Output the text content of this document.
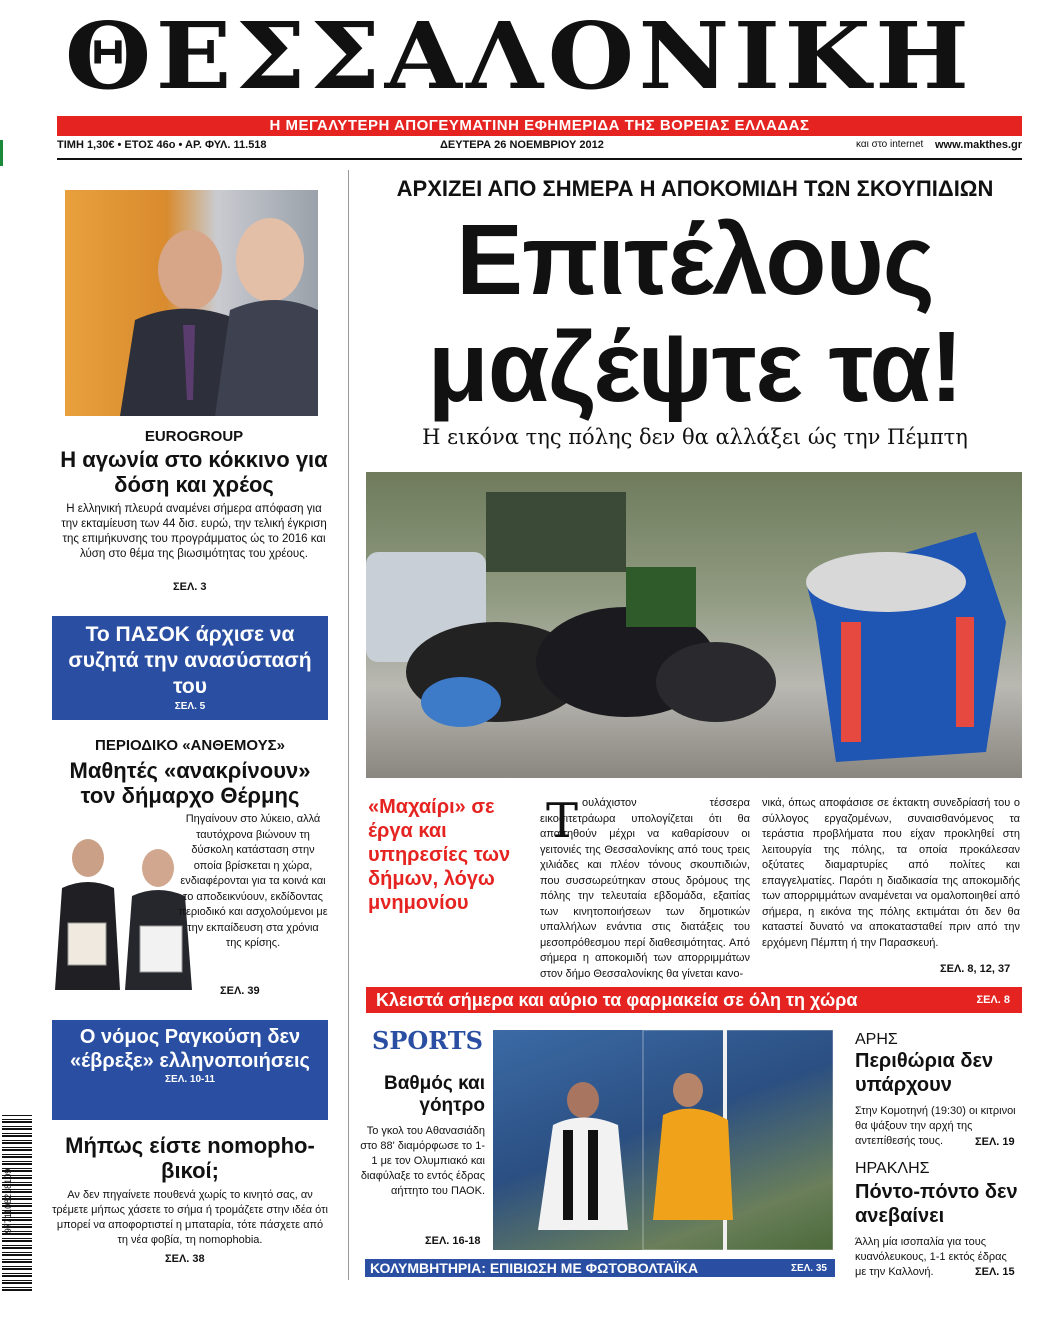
ΘΕΣΣΑΛΟΝΙΚΗ
Η ΜΕΓΑΛΥΤΕΡΗ ΑΠΟΓΕΥΜΑΤΙΝΗ ΕΦΗΜΕΡΙΔΑ ΤΗΣ ΒΟΡΕΙΑΣ ΕΛΛΑΔΑΣ
ΤΙΜΗ 1,30€ • ΕΤΟΣ 46ο • ΑΡ. ΦΥΛ. 11.518	ΔΕΥΤΕΡΑ 26 ΝΟΕΜΒΡΙΟΥ 2012	και στο internet www.makthes.gr
EUROGROUP
Η αγωνία στο κόκκινο για δόση και χρέος
Η ελληνική πλευρά αναμένει σήμερα απόφαση για την εκταμίευση των 44 δισ. ευρώ, την τελική έγκριση της επιμήκυνσης του προγράμματος ώς το 2016 και λύση στο θέμα της βιωσιμότητας του χρέους.
ΣΕΛ. 3
Το ΠΑΣΟΚ άρχισε να συζητά την ανασύστασή του
ΣΕΛ. 5
ΠΕΡΙΟΔΙΚΟ «ΑΝΘΕΜΟΥΣ»
Μαθητές «ανακρίνουν» τον δήμαρχο Θέρμης
Πηγαίνουν στο λύκειο, αλλά ταυτόχρονα βιώνουν τη δύσκολη κατάσταση στην οποία βρίσκεται η χώρα, ενδιαφέρονται για τα κοινά και το αποδεικνύουν, εκδίδοντας περιοδικό και ασχολούμενοι με την εκπαίδευση στα χρόνια της κρίσης.
ΣΕΛ. 39
Ο νόμος Ραγκούση δεν «έβρεξε» ελληνοποιήσεις
ΣΕΛ. 10-11
Μήπως είστε nomopho-βικοί;
Αν δεν πηγαίνετε πουθενά χωρίς το κινητό σας, αν τρέμετε μήπως χάσετε το σήμα ή τρομάζετε στην ιδέα ότι μπορεί να αποφορτιστεί η μπαταρία, τότε πάσχετε από τη νέα φοβία, τη nomophobia.
ΣΕΛ. 38
ΑΡΧΙΖΕΙ ΑΠΟ ΣΗΜΕΡΑ Η ΑΠΟΚΟΜΙΔΗ ΤΩΝ ΣΚΟΥΠΙΔΙΩΝ
Επιτέλους
μαζέψτε τα!
Η εικόνα της πόλης δεν θα αλλάξει ώς την Πέμπτη
«Μαχαίρι» σε έργα και υπηρεσίες των δήμων, λόγω μνημονίου
Τ ουλάχιστον τέσσερα εικοσιτετράωρα υπολογίζεται ότι θα απαιτηθούν μέχρι να καθαρίσουν οι γειτονιές της Θεσσαλονίκης από τους τρεις χιλιάδες και πλέον τόνους σκουπιδιών, που συσσωρεύτηκαν στους δρόμους της πόλης την τελευταία εβδομάδα, εξαιτίας των κινητοποιήσεων των δημοτικών υπαλλήλων ενάντια στις διατάξεις του μεσοπρόθεσμου περί διαθεσιμότητας. Από σήμερα η αποκομιδή των απορριμμάτων στον δήμο Θεσσαλονίκης θα γίνεται κανο-
νικά, όπως αποφάσισε σε έκτακτη συνεδρίασή του ο σύλλογος εργαζομένων, συναισθανόμενος τα τεράστια προβλήματα που είχαν προκληθεί στη λειτουργία της πόλης, τα οποία προκάλεσαν οξύτατες διαμαρτυρίες από πολίτες και επαγγελματίες. Παρότι η διαδικασία της αποκομιδής των απορριμμάτων αναμένεται να ομαλοποιηθεί από σήμερα, η εικόνα της πόλης εκτιμάται ότι δεν θα καταστεί δυνατό να αποκατασταθεί πριν από την ερχόμενη Πέμπτη ή την Παρασκευή.
ΣΕΛ. 8, 12, 37
Κλειστά σήμερα και αύριο τα φαρμακεία σε όλη τη χώρα	ΣΕΛ. 8
SPORTS
Βαθμός και γόητρο
Το γκολ του Αθανασιάδη στο 88' διαμόρφωσε το 1-1 με τον Ολυμπιακό και διαφύλαξε το εντός έδρας αήττητο του ΠΑΟΚ.
ΣΕΛ. 16-18
ΑΡΗΣ
Περιθώρια δεν υπάρχουν
Στην Κομοτηνή (19:30) οι κιτρινοι θα ψάξουν την αρχή της αντεπίθεσής τους.	ΣΕΛ. 19
ΗΡΑΚΛΗΣ
Πόντο-πόντο δεν ανεβαίνει
Άλλη μία ισοπαλία για τους κυανόλευκους, 1-1 εκτός έδρας με την Καλλονή.	ΣΕΛ. 15
ΚΟΛΥΜΒΗΤΗΡΙΑ: ΕΠΙΒΙΩΣΗ ΜΕ ΦΩΤΟΒΟΛΤΑΪΚΑ	ΣΕΛ. 35
9771108218109
